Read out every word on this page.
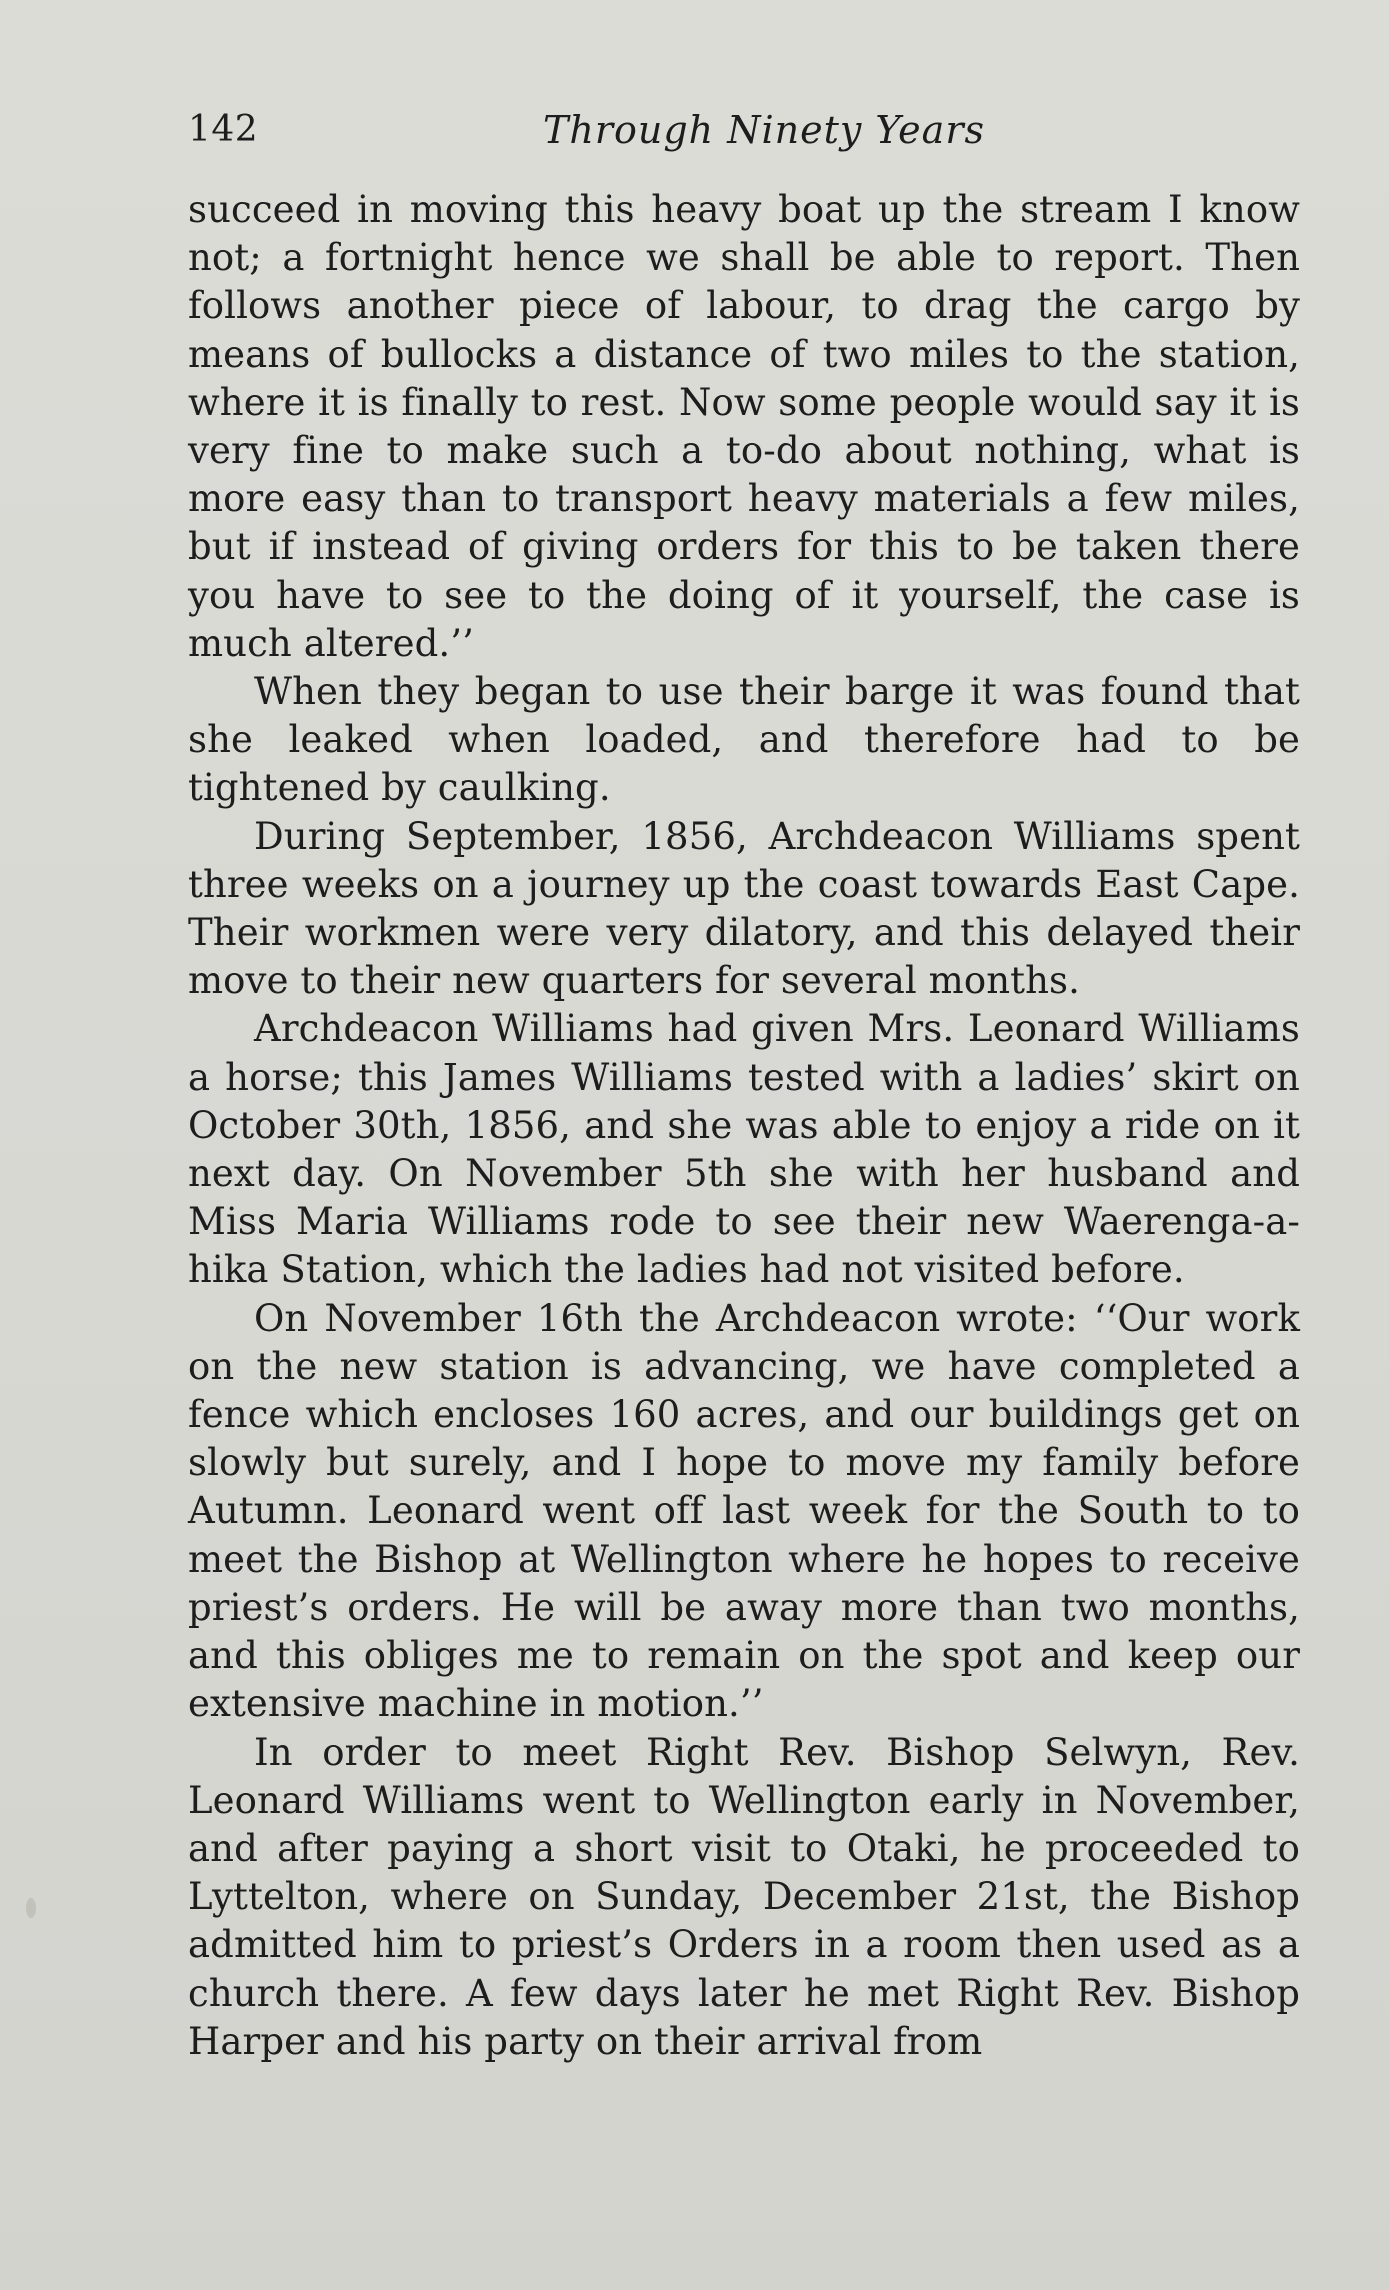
142	Through Ninety Years

succeed in moving this heavy boat up the stream I know not; a fortnight hence we shall be able to report. Then follows another piece of labour, to drag the cargo by means of bullocks a distance of two miles to the station, where it is finally to rest. Now some people would say it is very fine to make such a to-do about nothing, what is more easy than to transport heavy materials a few miles, but if instead of giving orders for this to be taken there you have to see to the doing of it yourself, the case is much altered.’’

When they began to use their barge it was found that she leaked when loaded, and therefore had to be tightened by caulking.

During September, 1856, Archdeacon Williams spent three weeks on a journey up the coast towards East Cape. Their workmen were very dilatory, and this delayed their move to their new quarters for several months.

Archdeacon Williams had given Mrs. Leonard Williams a horse; this James Williams tested with a ladies’ skirt on October 30th, 1856, and she was able to enjoy a ride on it next day. On November 5th she with her husband and Miss Maria Williams rode to see their new Waerenga-a-hika Station, which the ladies had not visited before.

On November 16th the Archdeacon wrote: ‘‘Our work on the new station is advancing, we have completed a fence which encloses 160 acres, and our buildings get on slowly but surely, and I hope to move my family before Autumn. Leonard went off last week for the South to to meet the Bishop at Wellington where he hopes to receive priest’s orders. He will be away more than two months, and this obliges me to remain on the spot and keep our extensive machine in motion.’’

In order to meet Right Rev. Bishop Selwyn, Rev. Leonard Williams went to Wellington early in November, and after paying a short visit to Otaki, he proceeded to Lyttelton, where on Sunday, December 21st, the Bishop admitted him to priest’s Orders in a room then used as a church there. A few days later he met Right Rev. Bishop Harper and his party on their arrival from
